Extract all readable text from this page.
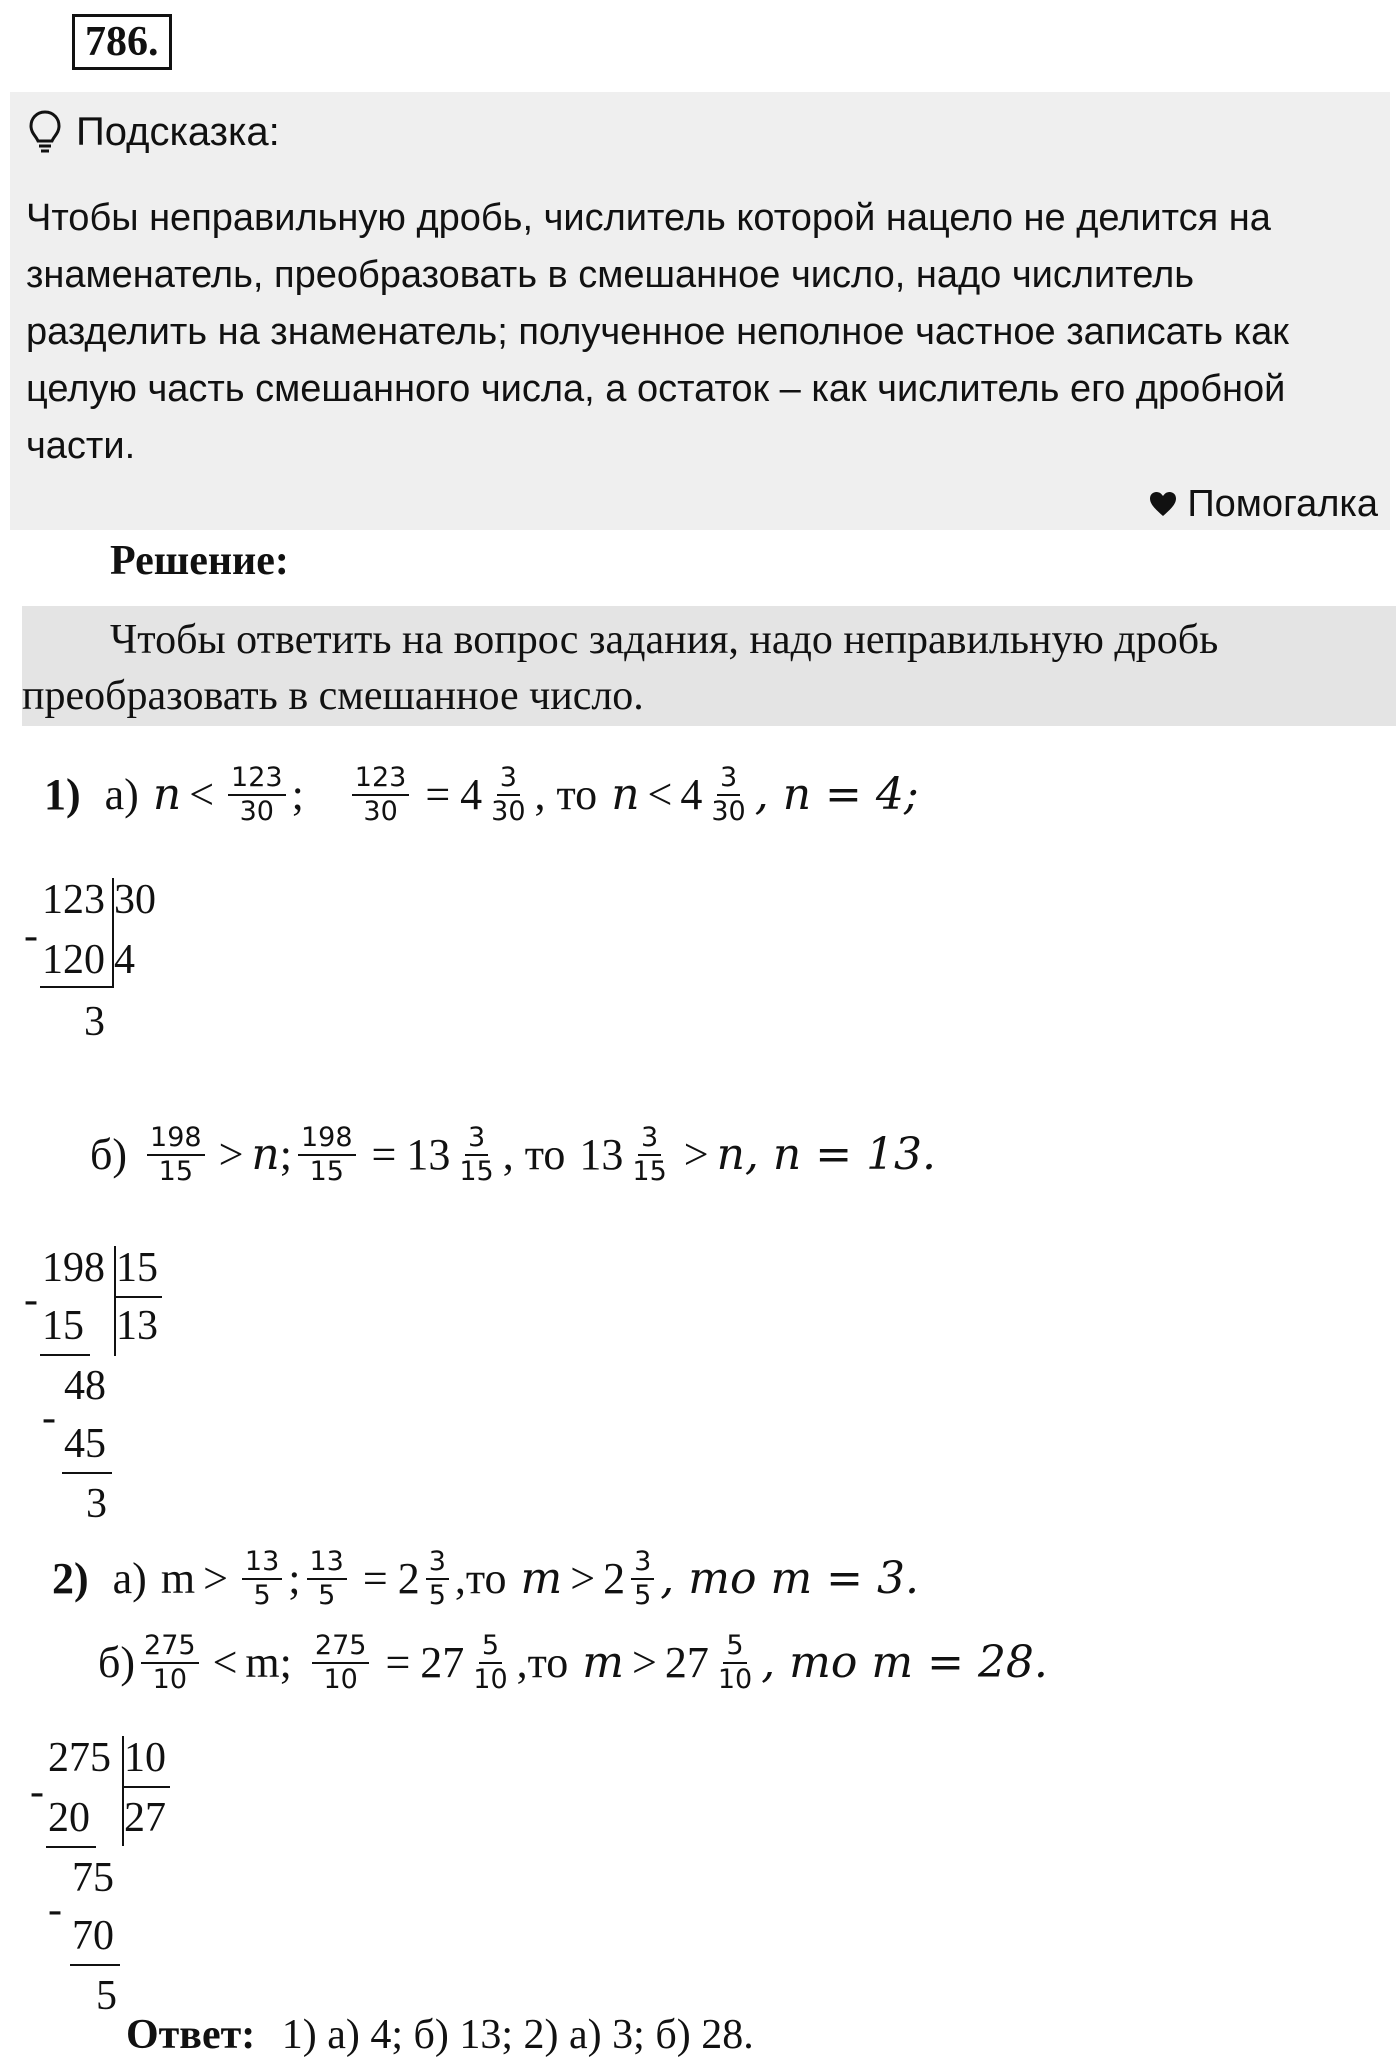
786.
Подсказка:
Чтобы неправильную дробь, числитель которой нацело не делится на знаменатель, преобразовать в смешанное число, надо числитель разделить на знаменатель; полученное неполное частное записать как целую часть смешанного числа, а остаток – как числитель его дробной части.
Помогалка
Решение:
Чтобы ответить на вопрос задания, надо неправильную дробь преобразовать в смешанное число.
1) а) n < 123
30 ; $\frac{123}{30} = 4$ 3
30 , то n < 4 3
30 , n = 4;
123 30
-
120 4
3
б) 198
15 > n ; $\frac{198}{15} = 13$ 3
15 , то 13 3
15 > n, n = 13.
198 15
-
15 13
48
-
45
3
2) а) m > 13
5 ; $\frac{13}{5} = 2$ 3
5 ,то m > 2 3
5 , то m = 3.
б) 275
10 < m ; $\frac{275}{10} = 27$ 5
10 ,то m > 27 5
10 , то m = 28.
275 10
-
20 27
75
-
70
5
Ответ: 1) а) 4; б) 13; 2) а) 3; б) 28.
